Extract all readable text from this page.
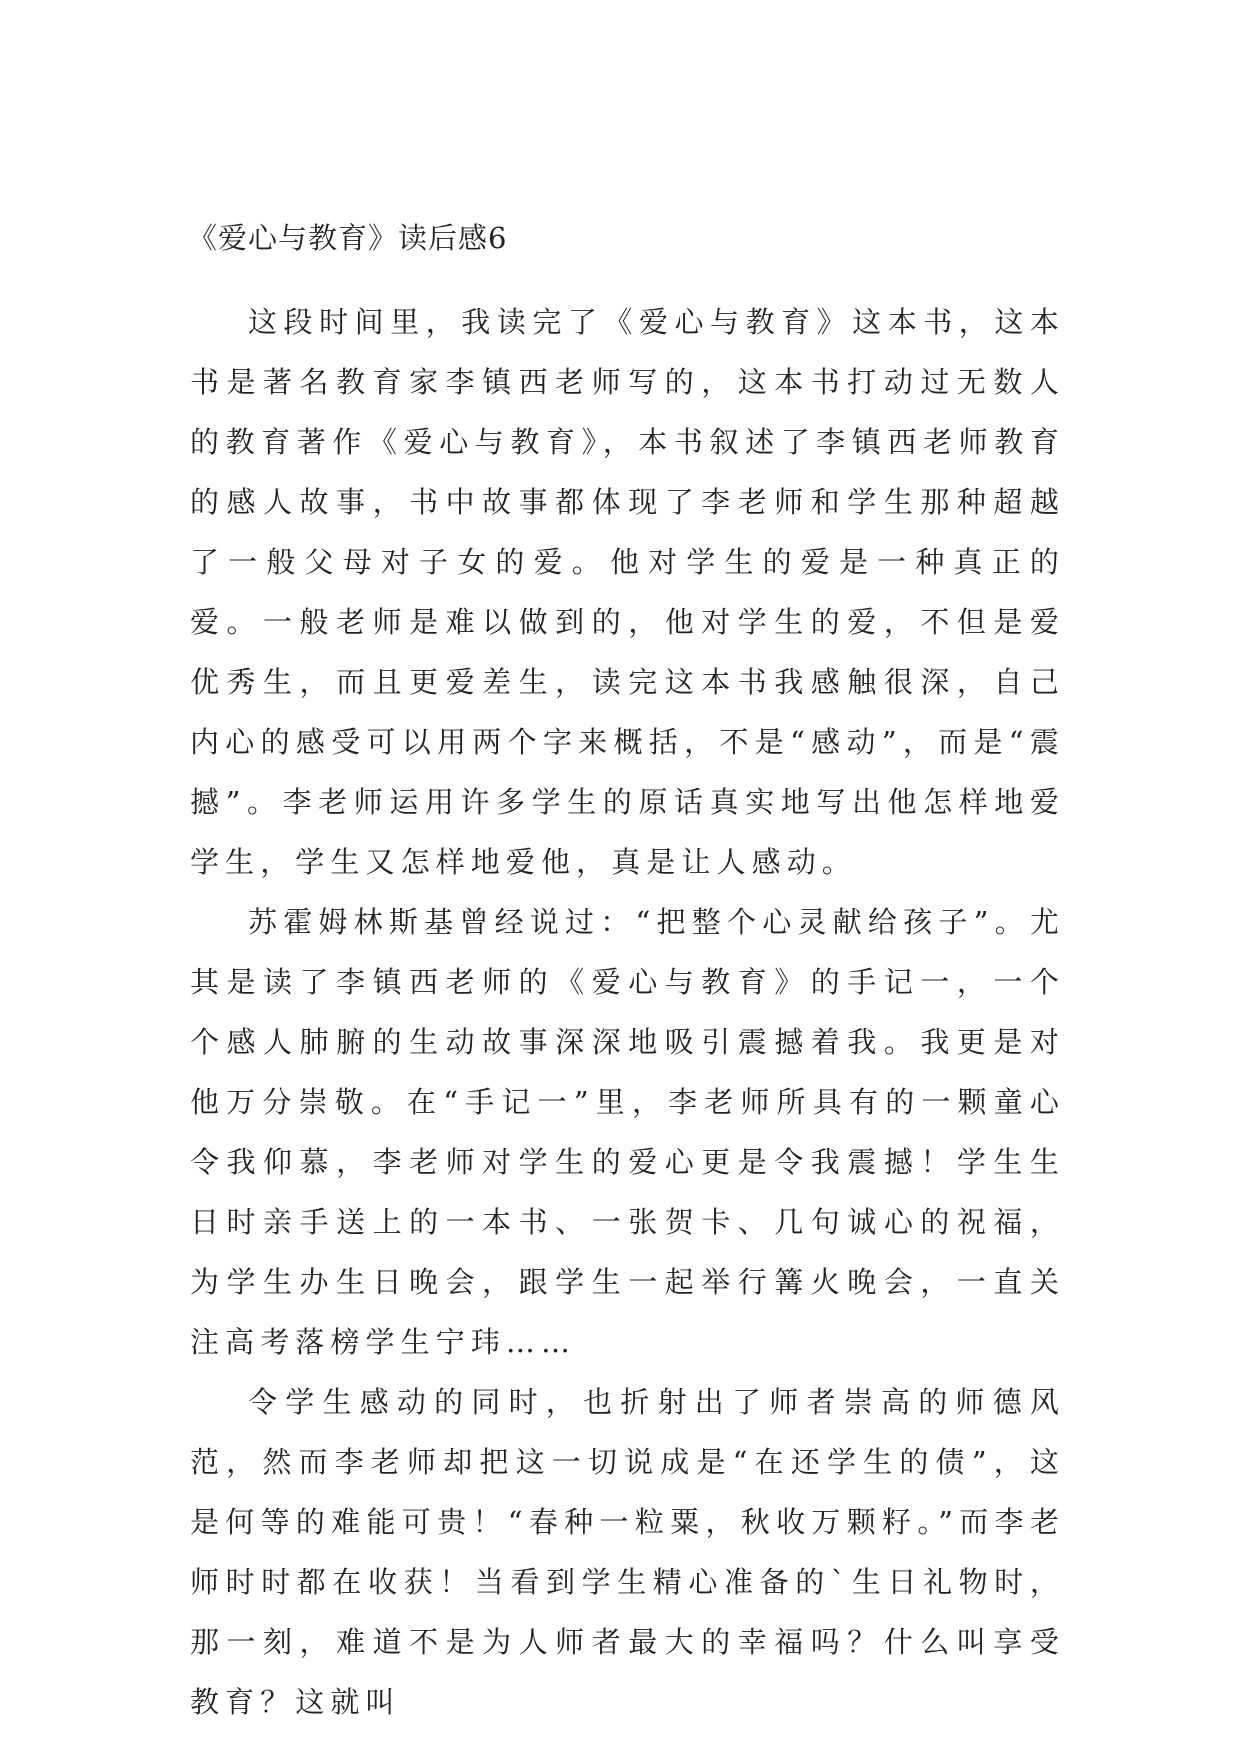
《爱心与教育》读后感6

这段时间里，我读完了《爱心与教育》这本书，这本书是著名教育家李镇西老师写的，这本书打动过无数人的教育著作《爱心与教育》，本书叙述了李镇西老师教育的感人故事，书中故事都体现了李老师和学生那种超越了一般父母对子女的爱。他对学生的爱是一种真正的爱。一般老师是难以做到的，他对学生的爱，不但是爱优秀生，而且更爱差生，读完这本书我感触很深，自己内心的感受可以用两个字来概括，不是“感动”，而是“震撼”。李老师运用许多学生的原话真实地写出他怎样地爱学生，学生又怎样地爱他，真是让人感动。

苏霍姆林斯基曾经说过：“把整个心灵献给孩子”。尤其是读了李镇西老师的《爱心与教育》的手记一，一个个感人肺腑的生动故事深深地吸引震撼着我。我更是对他万分崇敬。在“手记一”里，李老师所具有的一颗童心令我仰慕，李老师对学生的爱心更是令我震撼！学生生日时亲手送上的一本书、一张贺卡、几句诚心的祝福，为学生办生日晚会，跟学生一起举行篝火晚会，一直关注高考落榜学生宁玮……

令学生感动的同时，也折射出了师者崇高的师德风范，然而李老师却把这一切说成是“在还学生的债”，这是何等的难能可贵！“春种一粒粟，秋收万颗籽。”而李老师时时都在收获！当看到学生精心准备的`生日礼物时，那一刻，难道不是为人师者最大的幸福吗？什么叫享受教育？这就叫
